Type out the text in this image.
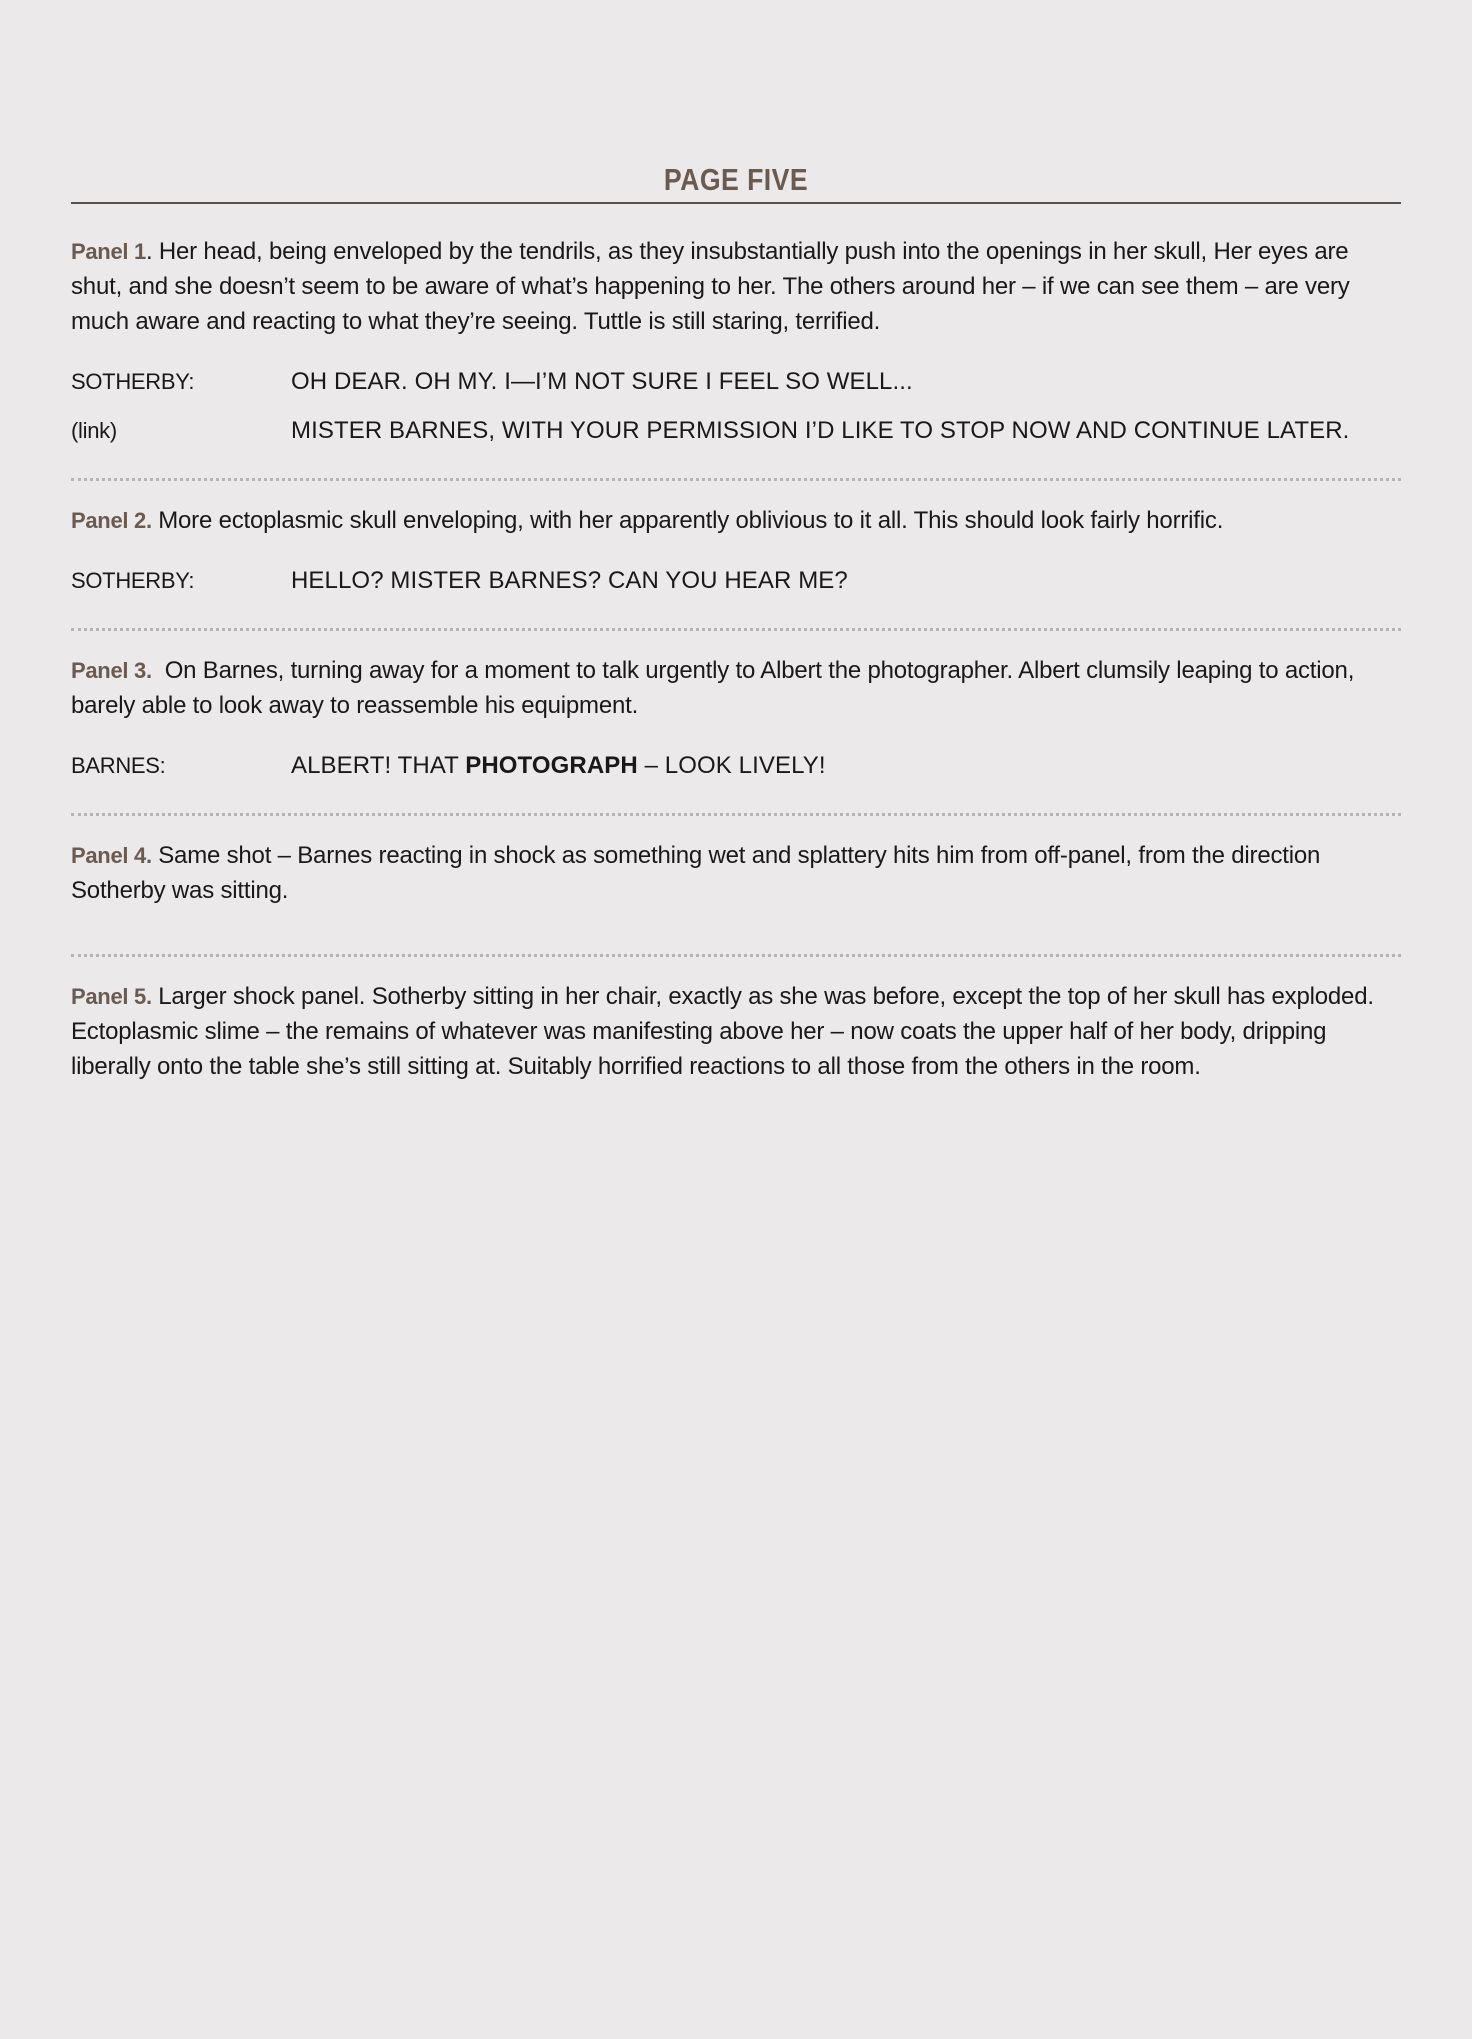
PAGE FIVE

Panel 1. Her head, being enveloped by the tendrils, as they insubstantially push into the openings in her skull, Her eyes are shut, and she doesn’t seem to be aware of what’s happening to her. The others around her – if we can see them – are very much aware and reacting to what they’re seeing. Tuttle is still staring, terrified.

SOTHERBY:	OH DEAR. OH MY. I—I’M NOT SURE I FEEL SO WELL...
(link)	MISTER BARNES, WITH YOUR PERMISSION I’D LIKE TO STOP NOW AND CONTINUE LATER.

Panel 2. More ectoplasmic skull enveloping, with her apparently oblivious to it all. This should look fairly horrific.

SOTHERBY:	HELLO? MISTER BARNES? CAN YOU HEAR ME?

Panel 3. On Barnes, turning away for a moment to talk urgently to Albert the photographer. Albert clumsily leaping to action, barely able to look away to reassemble his equipment.

BARNES:	ALBERT! THAT PHOTOGRAPH – LOOK LIVELY!

Panel 4. Same shot – Barnes reacting in shock as something wet and splattery hits him from off-panel, from the direction Sotherby was sitting.

Panel 5. Larger shock panel. Sotherby sitting in her chair, exactly as she was before, except the top of her skull has exploded. Ectoplasmic slime – the remains of whatever was manifesting above her – now coats the upper half of her body, dripping liberally onto the table she’s still sitting at. Suitably horrified reactions to all those from the others in the room.
